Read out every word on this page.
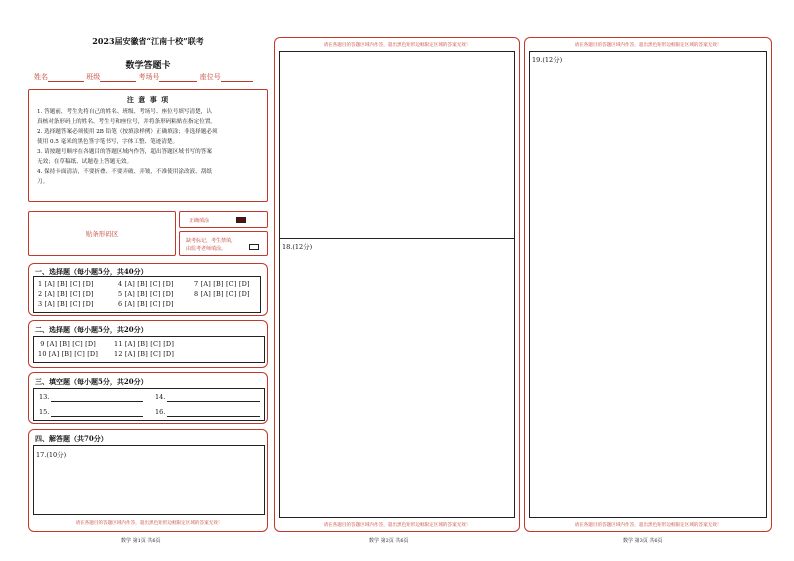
2023届安徽省“江南十校”联考
数学答题卡
姓名	班级	考场号	座位号
注 意 事 项
1. 答题前，考生先将自己的姓名、班级、考场号、座位号填写清楚，认
真核对条形码上的姓名、考生号和座位号，并将条形码粘贴在指定位置。
2. 选择题答案必须使用 2B 铅笔（按填涂样例）正确填涂；非选择题必须
使用 0.5 毫米的黑色签字笔书写，字体工整、笔迹清楚。
3. 请按题号顺序在各题目的答题区域内作答，超出答题区域书写的答案
无效；在草稿纸、试题卷上答题无效。
4. 保持卡面清洁，不要折叠、不要弄破、弄皱，不准使用涂改液、刮纸
刀。
贴条形码区
正确填涂
缺考标记，考生禁填，
由监考老师填涂。
一、选择题（每小题5分，共40分）
1 [A] [B] [C] [D]	4 [A] [B] [C] [D]	7 [A] [B] [C] [D]
2 [A] [B] [C] [D]	5 [A] [B] [C] [D]	8 [A] [B] [C] [D]
3 [A] [B] [C] [D]	6 [A] [B] [C] [D]
二、选择题（每小题5分，共20分）
9 [A] [B] [C] [D]	11 [A] [B] [C] [D]
10 [A] [B] [C] [D] 12 [A] [B] [C] [D]
三、填空题（每小题5分，共20分）
13.	14.
15.	16.
四、解答题（共70分）
17.(10分)
请在各题目的答题区域内作答，超出黑色矩形边框限定区域的答案无效！
数学 第1页 共6页
请在各题目的答题区域内作答，超出黑色矩形边框限定区域的答案无效！
18.(12分)
请在各题目的答题区域内作答，超出黑色矩形边框限定区域的答案无效！
数学 第2页 共6页
请在各题目的答题区域内作答，超出黑色矩形边框限定区域的答案无效！
19.(12分)
请在各题目的答题区域内作答，超出黑色矩形边框限定区域的答案无效！
数学 第3页 共6页
